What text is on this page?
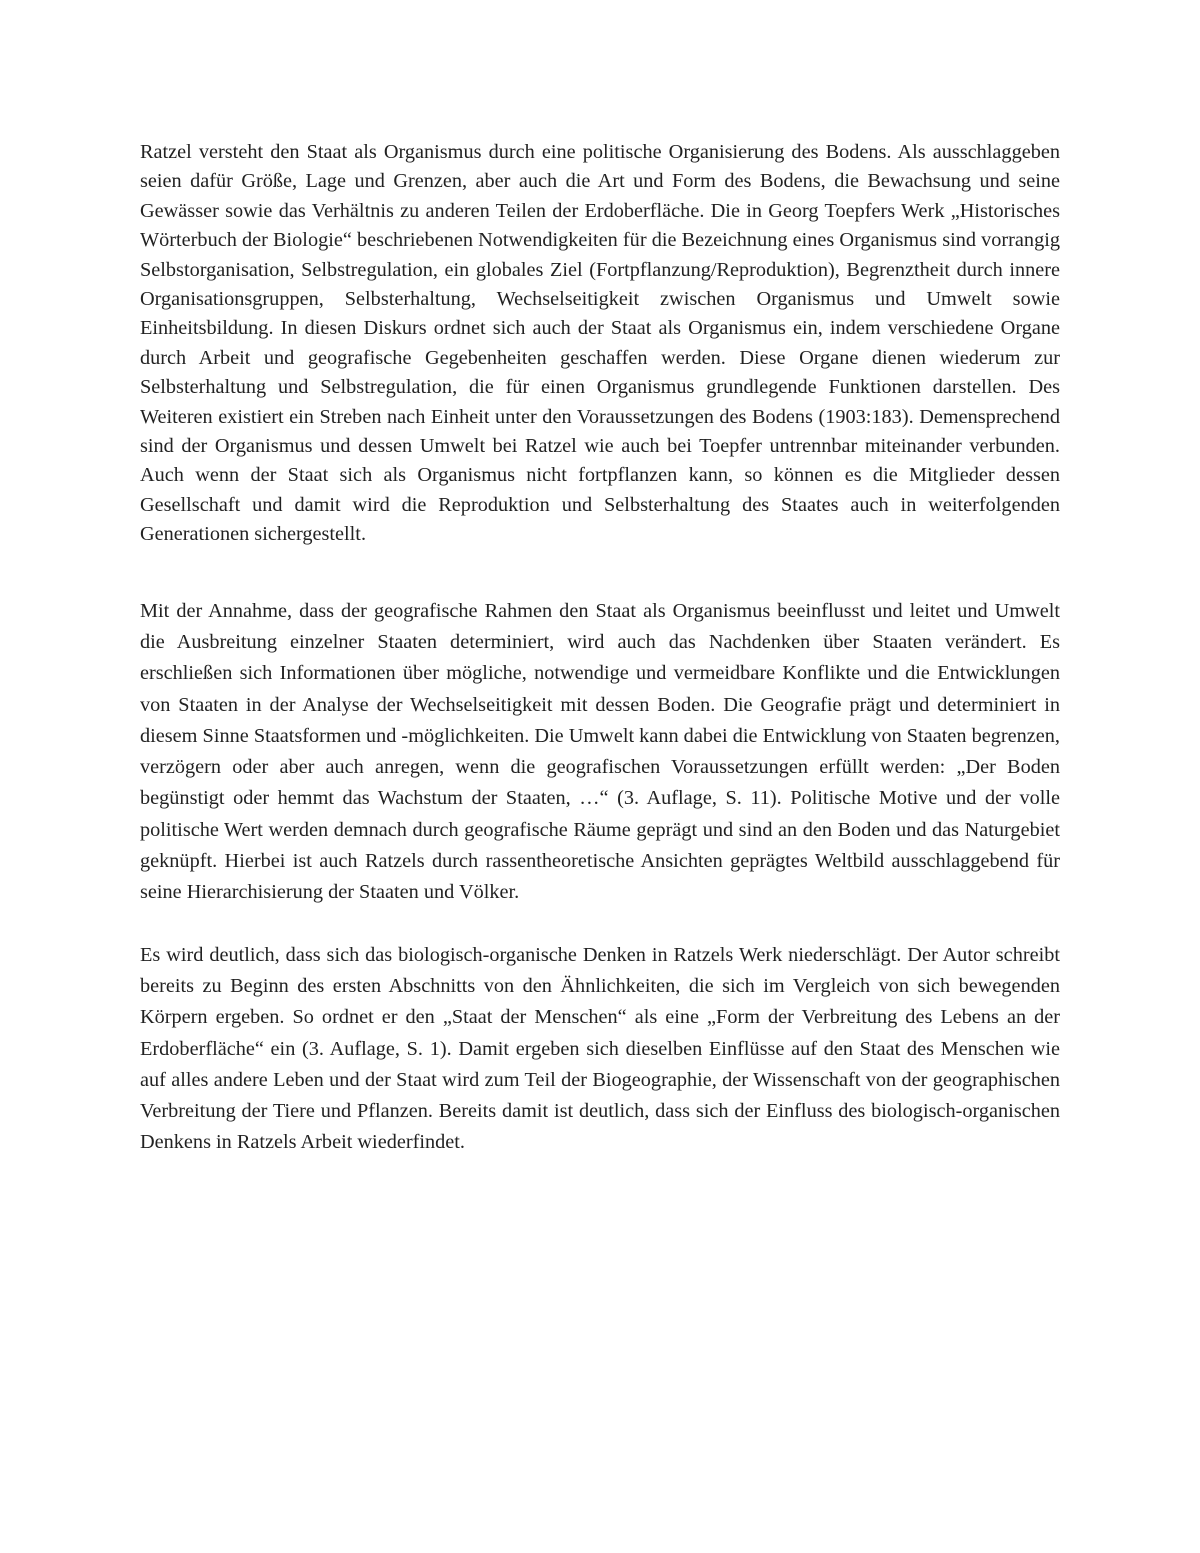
Ratzel versteht den Staat als Organismus durch eine politische Organisierung des Bodens. Als ausschlaggeben seien dafür Größe, Lage und Grenzen, aber auch die Art und Form des Bodens, die Bewachsung und seine Gewässer sowie das Verhältnis zu anderen Teilen der Erdoberfläche. Die in Georg Toepfers Werk „Historisches Wörterbuch der Biologie“ beschriebenen Notwendigkeiten für die Bezeichnung eines Organismus sind vorrangig Selbstorganisation, Selbstregulation, ein globales Ziel (Fortpflanzung/Reproduktion), Begrenztheit durch innere Organisationsgruppen, Selbsterhaltung, Wechselseitigkeit zwischen Organismus und Umwelt sowie Einheitsbildung. In diesen Diskurs ordnet sich auch der Staat als Organismus ein, indem verschiedene Organe durch Arbeit und geografische Gegebenheiten geschaffen werden. Diese Organe dienen wiederum zur Selbsterhaltung und Selbstregulation, die für einen Organismus grundlegende Funktionen darstellen. Des Weiteren existiert ein Streben nach Einheit unter den Voraussetzungen des Bodens (1903:183). Demensprechend sind der Organismus und dessen Umwelt bei Ratzel wie auch bei Toepfer untrennbar miteinander verbunden. Auch wenn der Staat sich als Organismus nicht fortpflanzen kann, so können es die Mitglieder dessen Gesellschaft und damit wird die Reproduktion und Selbsterhaltung des Staates auch in weiterfolgenden Generationen sichergestellt.

Mit der Annahme, dass der geografische Rahmen den Staat als Organismus beeinflusst und leitet und Umwelt die Ausbreitung einzelner Staaten determiniert, wird auch das Nachdenken über Staaten verändert. Es erschließen sich Informationen über mögliche, notwendige und vermeidbare Konflikte und die Entwicklungen von Staaten in der Analyse der Wechselseitigkeit mit dessen Boden. Die Geografie prägt und determiniert in diesem Sinne Staatsformen und -möglichkeiten. Die Umwelt kann dabei die Entwicklung von Staaten begrenzen, verzögern oder aber auch anregen, wenn die geografischen Voraussetzungen erfüllt werden: „Der Boden begünstigt oder hemmt das Wachstum der Staaten, …“ (3. Auflage, S. 11). Politische Motive und der volle politische Wert werden demnach durch geografische Räume geprägt und sind an den Boden und das Naturgebiet geknüpft. Hierbei ist auch Ratzels durch rassentheoretische Ansichten geprägtes Weltbild ausschlaggebend für seine Hierarchisierung der Staaten und Völker.

Es wird deutlich, dass sich das biologisch-organische Denken in Ratzels Werk niederschlägt. Der Autor schreibt bereits zu Beginn des ersten Abschnitts von den Ähnlichkeiten, die sich im Vergleich von sich bewegenden Körpern ergeben. So ordnet er den „Staat der Menschen“ als eine „Form der Verbreitung des Lebens an der Erdoberfläche“ ein (3. Auflage, S. 1). Damit ergeben sich dieselben Einflüsse auf den Staat des Menschen wie auf alles andere Leben und der Staat wird zum Teil der Biogeographie, der Wissenschaft von der geographischen Verbreitung der Tiere und Pflanzen. Bereits damit ist deutlich, dass sich der Einfluss des biologisch-organischen Denkens in Ratzels Arbeit wiederfindet.
